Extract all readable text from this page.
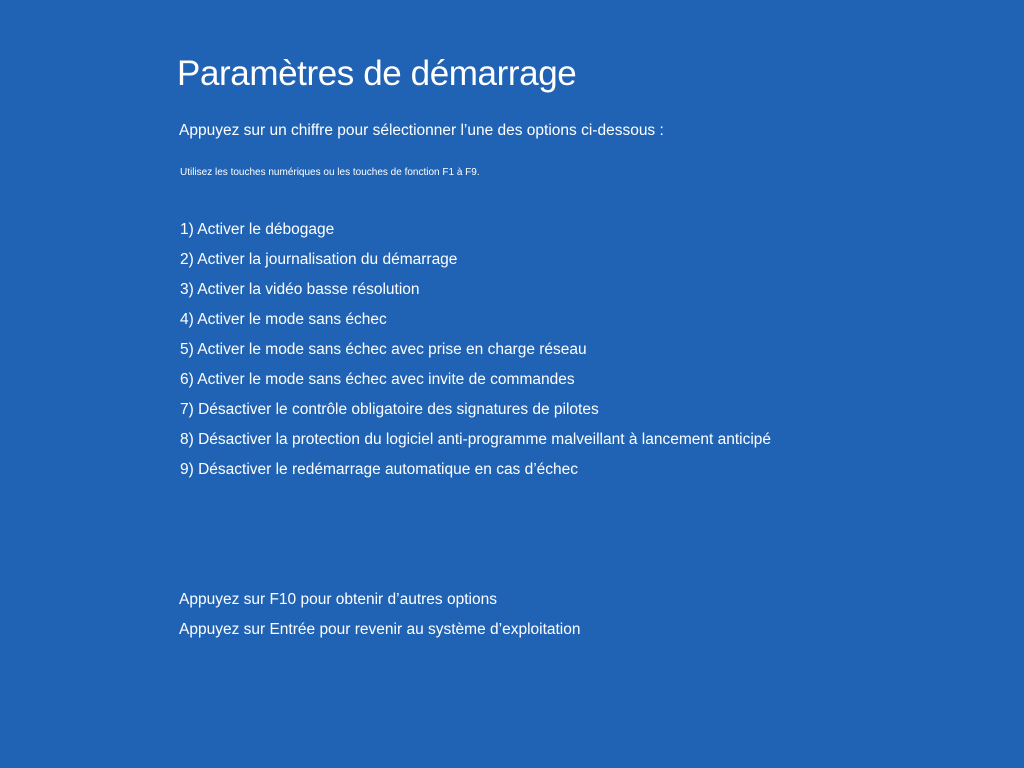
Paramètres de démarrage
Appuyez sur un chiffre pour sélectionner l’une des options ci-dessous :
Utilisez les touches numériques ou les touches de fonction F1 à F9.
1) Activer le débogage
2) Activer la journalisation du démarrage
3) Activer la vidéo basse résolution
4) Activer le mode sans échec
5) Activer le mode sans échec avec prise en charge réseau
6) Activer le mode sans échec avec invite de commandes
7) Désactiver le contrôle obligatoire des signatures de pilotes
8) Désactiver la protection du logiciel anti-programme malveillant à lancement anticipé
9) Désactiver le redémarrage automatique en cas d’échec
Appuyez sur F10 pour obtenir d’autres options
Appuyez sur Entrée pour revenir au système d’exploitation
